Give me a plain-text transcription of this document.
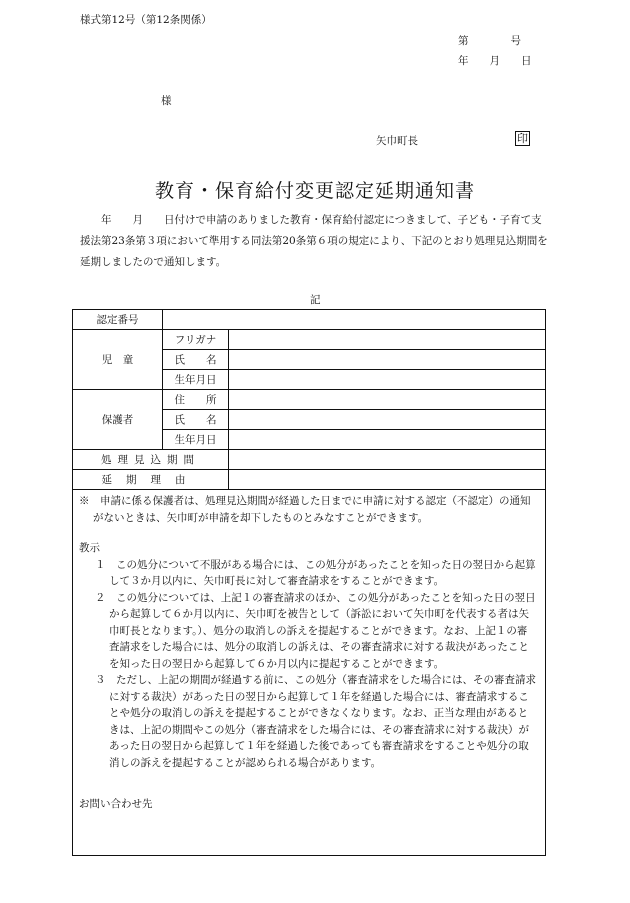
様式第12号（第12条関係）
第　　　　号
年　　月　　日
様
矢巾町長	印
教育・保育給付変更認定延期通知書
　　年　　月　　日付けで申請のありました教育・保育給付認定につきまして、子ども・子育て支援法第23条第３項において準用する同法第20条第６項の規定により、下記のとおり処理見込期間を延期しましたので通知します。
記
認定番号		
児　童	フリガナ	
	氏　　名	
	生年月日	
保護者	住　　所	
	氏　　名	
	生年月日	
処理見込期間		
延期理由		

※　申請に係る保護者は、処理見込期間が経過した日までに申請に対する認定（不認定）の通知がないときは、矢巾町が申請を却下したものとみなすことができます。

教示

１　この処分について不服がある場合には、この処分があったことを知った日の翌日から起算して３か月以内に、矢巾町長に対して審査請求をすることができます。

２　この処分については、上記１の審査請求のほか、この処分があったことを知った日の翌日から起算して６か月以内に、矢巾町を被告として（訴訟において矢巾町を代表する者は矢巾町長となります。）、処分の取消しの訴えを提起することができます。なお、上記１の審査請求をした場合には、処分の取消しの訴えは、その審査請求に対する裁決があったことを知った日の翌日から起算して６か月以内に提起することができます。

３　ただし、上記の期間が経過する前に、この処分（審査請求をした場合には、その審査請求に対する裁決）があった日の翌日から起算して１年を経過した場合には、審査請求することや処分の取消しの訴えを提起することができなくなります。なお、正当な理由があるときは、上記の期間やこの処分（審査請求をした場合には、その審査請求に対する裁決）があった日の翌日から起算して１年を経過した後であっても審査請求をすることや処分の取消しの訴えを提起することが認められる場合があります。

お問い合わせ先
